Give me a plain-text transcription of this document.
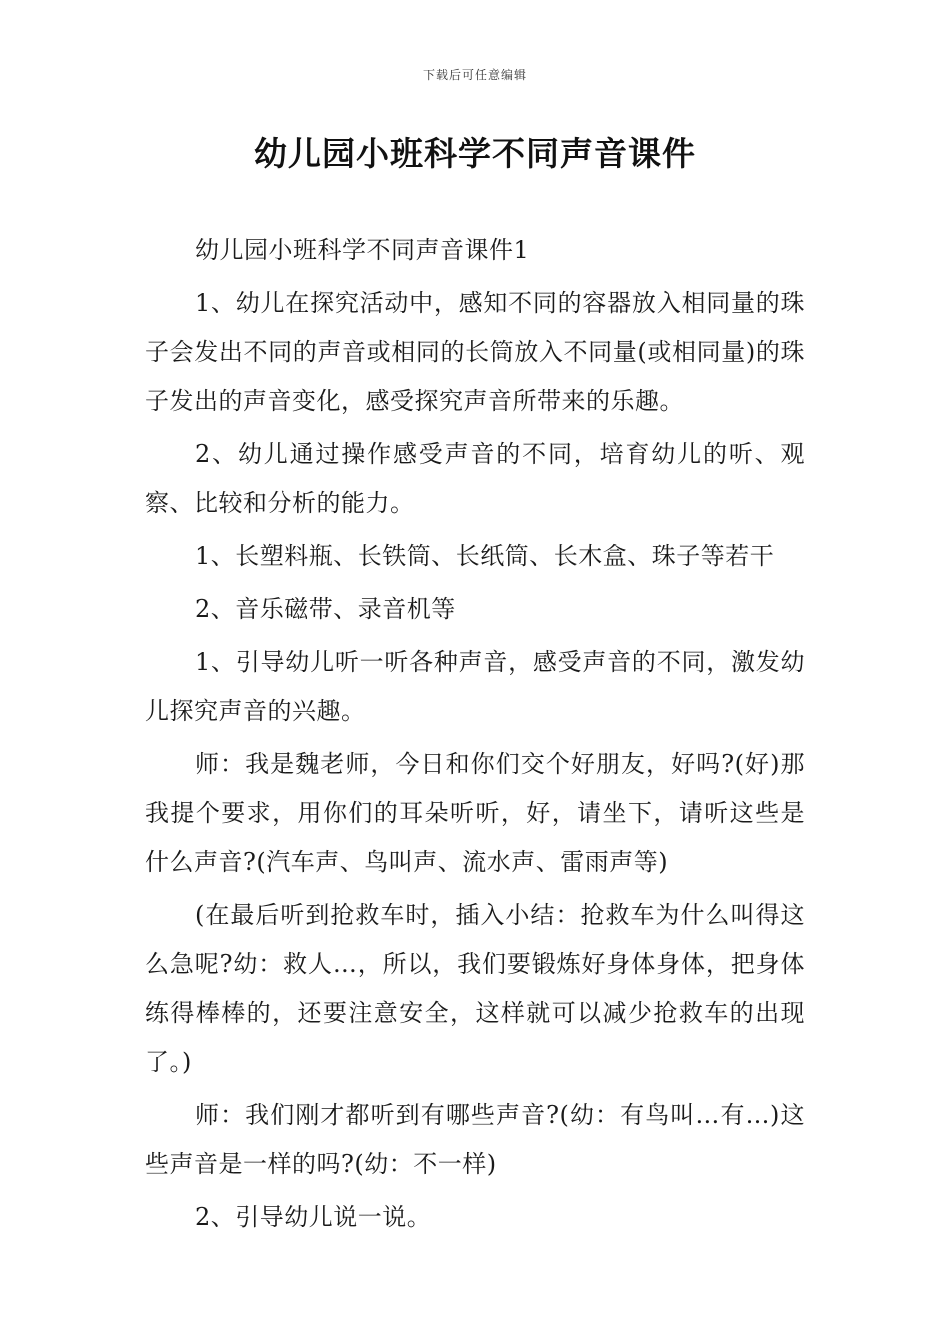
下载后可任意编辑
幼儿园小班科学不同声音课件

幼儿园小班科学不同声音课件1

1、幼儿在探究活动中，感知不同的容器放入相同量的珠子会发出不同的声音或相同的长筒放入不同量(或相同量)的珠子发出的声音变化，感受探究声音所带来的乐趣。

2、幼儿通过操作感受声音的不同，培育幼儿的听、观察、比较和分析的能力。

1、长塑料瓶、长铁筒、长纸筒、长木盒、珠子等若干

2、音乐磁带、录音机等

1、引导幼儿听一听各种声音，感受声音的不同，激发幼儿探究声音的兴趣。

师：我是魏老师，今日和你们交个好朋友，好吗?(好)那我提个要求，用你们的耳朵听听，好，请坐下，请听这些是什么声音?(汽车声、鸟叫声、流水声、雷雨声等)

(在最后听到抢救车时，插入小结：抢救车为什么叫得这么急呢?幼：救人…，所以，我们要锻炼好身体身体，把身体练得棒棒的，还要注意安全，这样就可以减少抢救车的出现了。)

师：我们刚才都听到有哪些声音?(幼：有鸟叫…有…)这些声音是一样的吗?(幼：不一样)

2、引导幼儿说一说。
